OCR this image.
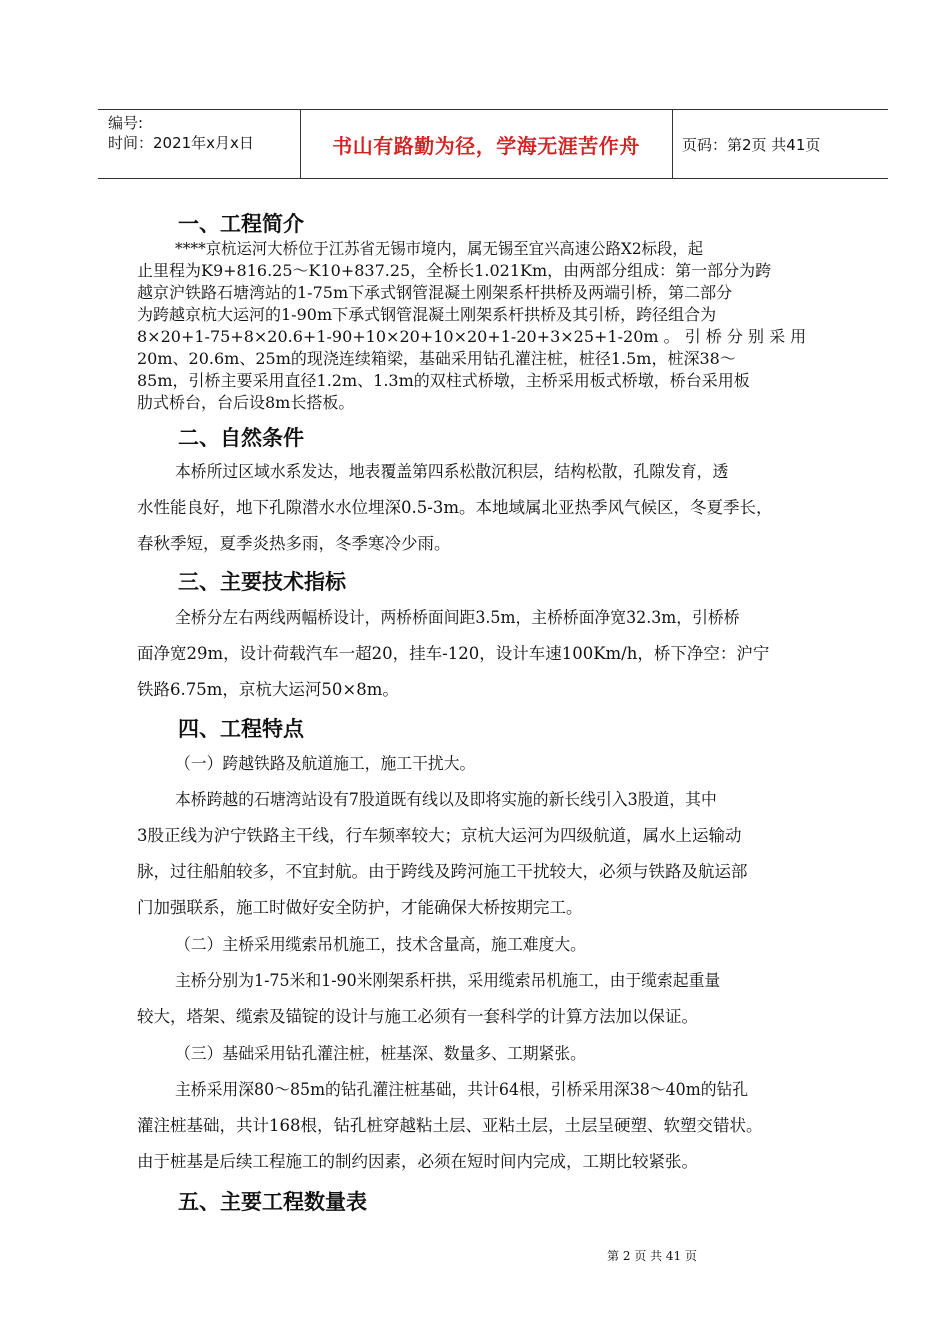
编号:
时间：2021年x月x日	书山有路勤为径，学海无涯苦作舟	页码：第2页 共41页
一、工程简介
****京杭运河大桥位于江苏省无锡市境内，属无锡至宜兴高速公路X2标段，起
止里程为K9+816.25～K10+837.25，全桥长1.021Km，由两部分组成：第一部分为跨
越京沪铁路石塘湾站的1-75m下承式钢管混凝土刚架系杆拱桥及两端引桥，第二部分
为跨越京杭大运河的1-90m下承式钢管混凝土刚架系杆拱桥及其引桥，跨径组合为
8×20+1-75+8×20.6+1-90+10×20+10×20+1-20+3×25+1-20m 。 引 桥 分 别 采 用
20m、20.6m、25m的现浇连续箱梁，基础采用钻孔灌注桩，桩径1.5m，桩深38～
85m，引桥主要采用直径1.2m、1.3m的双柱式桥墩，主桥采用板式桥墩，桥台采用板
肋式桥台，台后设8m长搭板。
二、自然条件
本桥所过区域水系发达，地表覆盖第四系松散沉积层，结构松散，孔隙发育，透
水性能良好，地下孔隙潜水水位埋深0.5-3m。本地域属北亚热季风气候区，冬夏季长，
春秋季短，夏季炎热多雨，冬季寒冷少雨。
三、主要技术指标
全桥分左右两线两幅桥设计，两桥桥面间距3.5m，主桥桥面净宽32.3m，引桥桥
面净宽29m，设计荷载汽车一超20，挂车-120，设计车速100Km/h，桥下净空：沪宁
铁路6.75m，京杭大运河50×8m。
四、工程特点
（一）跨越铁路及航道施工，施工干扰大。
本桥跨越的石塘湾站设有7股道既有线以及即将实施的新长线引入3股道，其中
3股正线为沪宁铁路主干线，行车频率较大；京杭大运河为四级航道，属水上运输动
脉，过往船舶较多，不宜封航。由于跨线及跨河施工干扰较大，必须与铁路及航运部
门加强联系，施工时做好安全防护，才能确保大桥按期完工。
（二）主桥采用缆索吊机施工，技术含量高，施工难度大。
主桥分别为1-75米和1-90米刚架系杆拱，采用缆索吊机施工，由于缆索起重量
较大，塔架、缆索及锚锭的设计与施工必须有一套科学的计算方法加以保证。
（三）基础采用钻孔灌注桩，桩基深、数量多、工期紧张。
主桥采用深80～85m的钻孔灌注桩基础，共计64根，引桥采用深38～40m的钻孔
灌注桩基础，共计168根，钻孔桩穿越粘土层、亚粘土层，土层呈硬塑、软塑交错状。
由于桩基是后续工程施工的制约因素，必须在短时间内完成，工期比较紧张。
五、主要工程数量表
第 2 页 共 41 页
